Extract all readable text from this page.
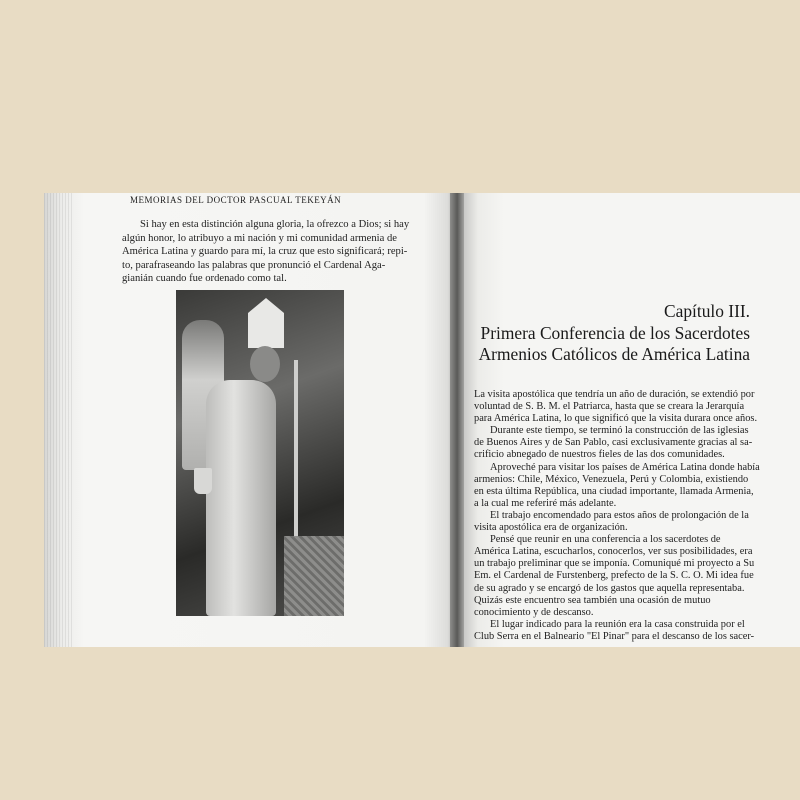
MEMORIAS DEL DOCTOR PASCUAL TEKEYÁN
Si hay en esta distinción alguna gloria, la ofrezco a Dios; si hay
algún honor, lo atribuyo a mi nación y mi comunidad armenia de
América Latina y guardo para mí, la cruz que esto significará; repi-
to, parafraseando las palabras que pronunció el Cardenal Aga-
gianián cuando fue ordenado como tal.
Capítulo III.
Primera Conferencia de los Sacerdotes
Armenios Católicos de América Latina
La visita apostólica que tendría un año de duración, se extendió por
voluntad de S. B. M. el Patriarca, hasta que se creara la Jerarquía
para América Latina, lo que significó que la visita durara once años.
Durante este tiempo, se terminó la construcción de las iglesias
de Buenos Aires y de San Pablo, casi exclusivamente gracias al sa-
crificio abnegado de nuestros fieles de las dos comunidades.
Aproveché para visitar los países de América Latina donde había
armenios: Chile, México, Venezuela, Perú y Colombia, existiendo
en esta última República, una ciudad importante, llamada Armenia,
a la cual me referiré más adelante.
El trabajo encomendado para estos años de prolongación de la
visita apostólica era de organización.
Pensé que reunir en una conferencia a los sacerdotes de
América Latina, escucharlos, conocerlos, ver sus posibilidades, era
un trabajo preliminar que se imponía. Comuniqué mi proyecto a Su
Em. el Cardenal de Furstenberg, prefecto de la S. C. O. Mi idea fue
de su agrado y se encargó de los gastos que aquella representaba.
Quizás este encuentro sea también una ocasión de mutuo
conocimiento y de descanso.
El lugar indicado para la reunión era la casa construida por el
Club Serra en el Balneario "El Pinar" para el descanso de los sacer-
